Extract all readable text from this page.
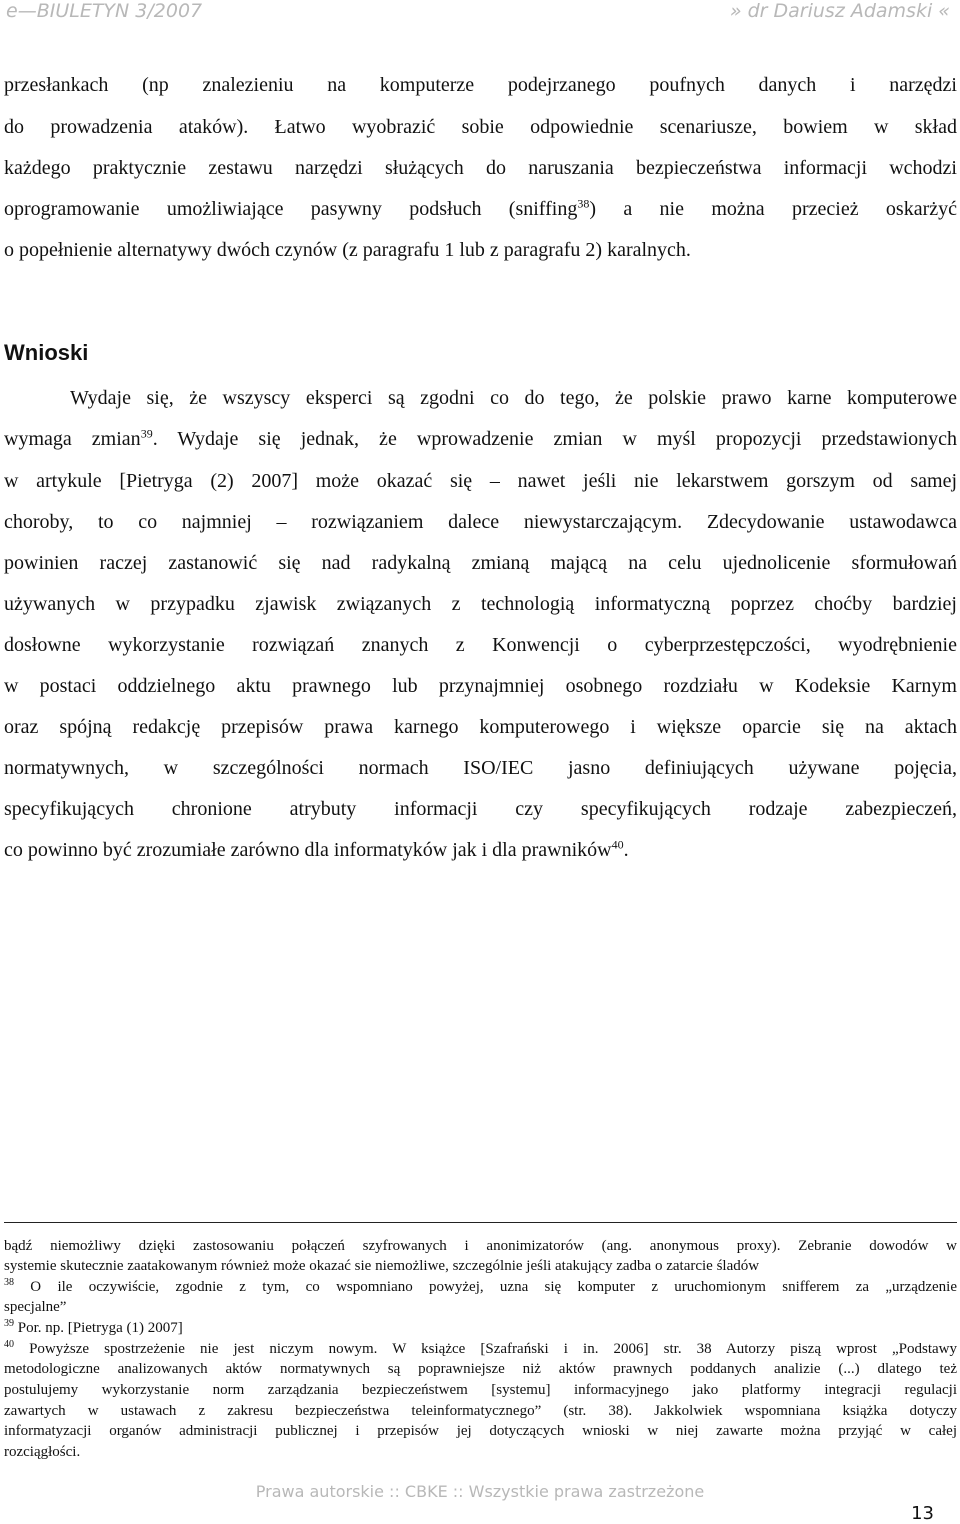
e—BIULETYN 3/2007	» dr Dariusz Adamski «
przesłankach (np znalezieniu na komputerze podejrzanego poufnych danych i narzędzi
do prowadzenia ataków). Łatwo wyobrazić sobie odpowiednie scenariusze, bowiem w skład
każdego praktycznie zestawu narzędzi służących do naruszania bezpieczeństwa informacji wchodzi
oprogramowanie umożliwiające pasywny podsłuch (sniffing$^{38}$) a nie można przecież oskarżyć
o popełnienie alternatywy dwóch czynów (z paragrafu 1 lub z paragrafu 2) karalnych.
Wnioski
Wydaje się, że wszyscy eksperci są zgodni co do tego, że polskie prawo karne komputerowe
wymaga zmian$^{39}$. Wydaje się jednak, że wprowadzenie zmian w myśl propozycji przedstawionych
w artykule [Pietryga (2) 2007] może okazać się – nawet jeśli nie lekarstwem gorszym od samej
choroby, to co najmniej – rozwiązaniem dalece niewystarczającym. Zdecydowanie ustawodawca
powinien raczej zastanowić się nad radykalną zmianą mającą na celu ujednolicenie sformułowań
używanych w przypadku zjawisk związanych z technologią informatyczną poprzez choćby bardziej
dosłowne wykorzystanie rozwiązań znanych z Konwencji o cyberprzestępczości, wyodrębnienie
w postaci oddzielnego aktu prawnego lub przynajmniej osobnego rozdziału w Kodeksie Karnym
oraz spójną redakcję przepisów prawa karnego komputerowego i większe oparcie się na aktach
normatywnych, w szczególności normach ISO/IEC jasno definiujących używane pojęcia,
specyfikujących chronione atrybuty informacji czy specyfikujących rodzaje zabezpieczeń,
co powinno być zrozumiałe zarówno dla informatyków jak i dla prawników$^{40}$.
bądź niemożliwy dzięki zastosowaniu połączeń szyfrowanych i anonimizatorów (ang. anonymous proxy). Zebranie dowodów w
systemie skutecznie zaatakowanym również może okazać sie niemożliwe, szczególnie jeśli atakujący zadba o zatarcie śladów
$^{38}$ O ile oczywiście, zgodnie z tym, co wspomniano powyżej, uzna się komputer z uruchomionym snifferem za „urządzenie
specjalne”
$^{39}$ Por. np. [Pietryga (1) 2007]
$^{40}$ Powyższe spostrzeżenie nie jest niczym nowym. W książce [Szafrański i in. 2006] str. 38 Autorzy piszą wprost „Podstawy
metodologiczne analizowanych aktów normatywnych są poprawniejsze niż aktów prawnych poddanych analizie (...) dlatego też
postulujemy wykorzystanie norm zarządzania bezpieczeństwem [systemu] informacyjnego jako platformy integracji regulacji
zawartych w ustawach z zakresu bezpieczeństwa teleinformatycznego” (str. 38). Jakkolwiek wspomniana książka dotyczy
informatyzacji organów administracji publicznej i przepisów jej dotyczących wnioski w niej zawarte można przyjąć w całej
rozciągłości.
Prawa autorskie :: CBKE :: Wszystkie prawa zastrzeżone
13
